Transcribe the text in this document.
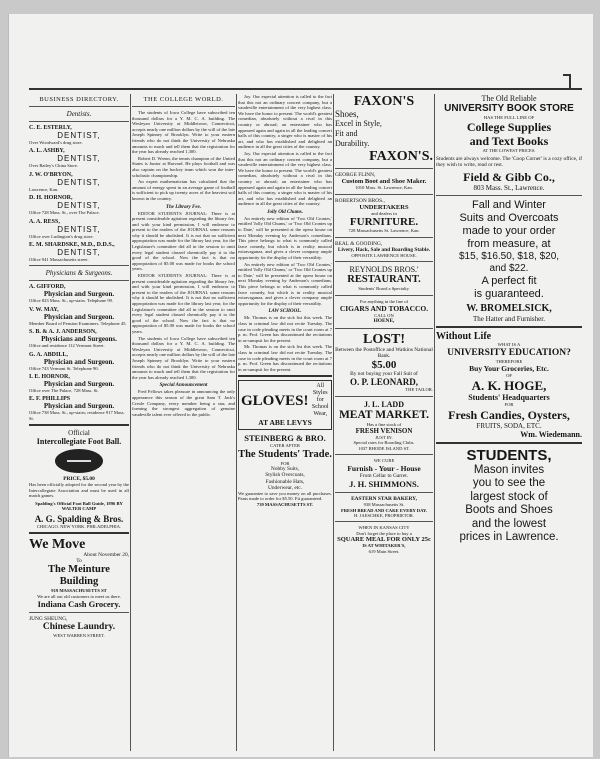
BUSINESS DIRECTORY.
Dentists.
C. E. ESTERLY,
DENTIST,
Over Woodward's drug store.
A. L. ASHBY,
DENTIST,
Over Bailey's China Store.
J. W. O'BRYON,
DENTIST,
Lawrence, Kan.
D. H. HORNOR,
DENTIST,
Office 728 Mass. St., over The Palace.
A. A. RESS,
DENTIST,
Office over Ludington's drug store.
E. M. SHARDSKE, M.D., D.D.S.,
DENTIST,
Office 941 Massachusetts street.
Physicians & Surgeons.
A. GIFFORD,
Physician and Surgeon.
Office 823 Mass. St., up-stairs. Telephone 99.
V. W. MAY,
Physician and Surgeon.
Member Board of Pension Examiners. Telephone 45.
S. B. & A. J. ANDERSON,
Physicians and Surgeons.
Office and residence 112 Vermont Street.
G. A. ABDILL,
Physician and Surgeon.
Office 743 Vermont St. Telephone 90.
I. E. HORNOR,
Physician and Surgeon.
Office over The Palace, 728 Mass. St.
E. F. PHILLIPS
Physician and Surgeon.
Office 738 Mass. St., up-stairs; residence 917 Mass. St.
Official
Intercollegiate Foot Ball.
PRICE, $5.00
Has been officially adopted for the second year by the Intercollegiate Association and must be used in all match games.
Spalding's Official Foot Ball Guide, 1896 BY WALTER CAMP
A. G. Spalding & Bros.
CHICAGO. NEW YORK. PHILADELPHIA.
We Move
About November 20,
To
The Meinture Building
919 MASSACHUSETTS ST
We are all out old customers to meet us there.
Indiana Cash Grocery.
JUNG SHEUNG,
Chinese Laundry.
WEST WARREN STREET.
THE COLLEGE WORLD.

The students of Iowa College have subscribed ten thousand dollars for a Y. M. C. A. building. The Wesleyan University at Middletown, Connecticut, accepts nearly one million dollars by the will of the late Joseph Spinney of Brooklyn. Write to your eastern friends who do not think the University of Nebraska amounts to much and tell them that the registration for the year has already reached 1,300.

Robert D. Wrenn, the tennis champion of the United States is Junior at Harvard. He plays football and was also captain on the hockey team which won the inter-scholastic championship.

An expert mathematician has calculated that the amount of energy spent in an average game of football is sufficient to pick up twenty acres of the heaviest soil known in the country.

The Library Fee.

EDITOR STUDENTS JOURNAL: There is at present considerable agitation regarding the library fee, and with your kind permission, I will endeavor to present to the readers of the JOURNAL some reasons why it should be abolished. It is not that no sufficient appropriation was made for the library last year, for the Legislature's committee did all in the session to omit every legal student classed chemically pay it to the good of the school. Now the fact is that no appropriation of $5.00 was made for books the school years.

EDITOR STUDENTS JOURNAL: There is at present considerable agitation regarding the library fee, and with your kind permission, I will endeavor to present to the readers of the JOURNAL some reasons why it should be abolished. It is not that no sufficient appropriation was made for the library last year, for the Legislature's committee did all in the session to omit every legal student classed chemically pay it to the good of the school. Now the fact is that no appropriation of $5.00 was made for books the school years.

The students of Iowa College have subscribed ten thousand dollars for a Y. M. C. A. building. The Wesleyan University at Middletown, Connecticut, accepts nearly one million dollars by the will of the late Joseph Spinney of Brooklyn. Write to your eastern friends who do not think the University of Nebraska amounts to much and tell them that the registration for the year has already reached 1,300.

Special Announcement

Fred Fellows takes pleasure in announcing the only appearance this season of the great Sam T. Jack's Creole Company, every member being a star, and forming the strongest aggregation of genuine vaudeville talent ever offered to the public.

Joy. Our especial attention is called to the fact that this not an ordinary concert company, but a vaudeville entertainment of the very highest class. We have the honor to present. The world's greatest comedian, absolutely without a rival in this country or abroad; an entertainer who has appeared again and again in all the leading concert halls of this country, a singer who is master of his art, and who has established and delighted an audience in all the great cities of the country.

Joy. Our especial attention is called to the fact that this not an ordinary concert company, but a vaudeville entertainment of the very highest class. We have the honor to present. The world's greatest comedian, absolutely without a rival in this country or abroad; an entertainer who has appeared again and again in all the leading concert halls of this country, a singer who is master of his art, and who has established and delighted an audience in all the great cities of the country.

Jolly Old Chums.

An entirely new edition of 'Two Old Cronies,' entitled 'Jolly Old Chums,' or 'Two Old Cronies up to Date,' will be presented at the opera house on next Monday evening by Anderson's comedians. This piece belongs to what is commonly called farce comedy, but which is in reality musical extravaganza, and gives a clever company ample opportunity for the display of their versatility.

An entirely new edition of 'Two Old Cronies,' entitled 'Jolly Old Chums,' or 'Two Old Cronies up to Date,' will be presented at the opera house on next Monday evening by Anderson's comedians. This piece belongs to what is commonly called farce comedy, but which is in reality musical extravaganza, and gives a clever company ample opportunity for the display of their versatility.

LAW SCHOOL.

Mr. Thomas is on the sick list this week. The class in criminal law did not recite Tuesday. The case in code pleading meets in the court room at 7 p. m. Prof. Green has discontinued the recitations in as-sumpsit for the present.

Mr. Thomas is on the sick list this week. The class in criminal law did not recite Tuesday. The case in code pleading meets in the court room at 7 p. m. Prof. Green has discontinued the recitations in as-sumpsit for the present.

GLOVES!
All Styles for School Wear,
AT ABE LEVYS
STEINBERG & BRO.
CATER AFTER
The Students' Trade.
FOR
Nobby Suits,
Stylish Overcoats,
Fashionable Hats,
Underwear, etc.
We guarantee to save you money on all purchases. Pants made to order for $5.50. Fit guaranteed.
739 MASSACHUSETTS ST.
FAXON'S
Shoes,
Excel in Style,
Fit and
Durability.
FAXON'S.
GEORGE FLINN,
Custom Boot and Shoe Maker.
1010 Mass. St. Lawrence, Kan.
ROBERTSON BROS.,
UNDERTAKERS
and dealers in
FURNITURE.
728 Massachusetts St. Lawrence, Kan.
BEAL & GOODING,
Livery, Hack, Sale and Boarding Stable.
OPPOSITE LAWRENCE HOUSE.
REYNOLDS BROS.'
RESTAURANT.
Students' Board a Specialty.
For anything in the line of
CIGARS AND TOBACCO.
CALL ON
HOENE,
LOST!
Between the Postoffice and Watkins National Bank.
$5.00
By not buying your Fall Suit of
O. P. LEONARD,
THE TAILOR.
J. L. LADD
MEAT MARKET.
Has a fine stock of
FRESH VENISON
JUST IN.
Special rates for Boarding Clubs.
1037 RHODE ISLAND ST.
WE CURE
Furnish - Your - House
From Cellar to Garret.
J. H. SHIMMONS.
EASTERN STAR BAKERY,
938 Massachusetts St.
FRESH BREAD AND CAKE EVERY DAY.
H. JAESCHKE, PROPRIETOR.
WHEN IN KANSAS CITY
Don't forget the place to buy a
SQUARE MEAL FOR ONLY 25c
IS AT WHITAKER'S,
619 Main Street.
The Old Reliable
UNIVERSITY BOOK STORE
HAS THE FULL LINE OF
College Supplies
and Text Books
AT THE LOWEST PRICES.
Students are always welcome. The 'Coop Corner' is a cozy office, if they wish to write, read or rest.
Field & Gibb Co.,
803 Mass. St., Lawrence.
Fall and Winter
Suits and Overcoats
made to your order
from measure, at
$15, $16.50, $18, $20,
and $22.
A perfect fit
is guaranteed.
W. BROMELSICK,
The Hatter and Furnisher.
Without Life
WHAT IS A
UNIVERSITY EDUCATION?
THEREFORE
Buy Your Groceries, Etc.
OF
A. K. HOGE,
Students' Headquarters
FOR
Fresh Candies, Oysters,
FRUITS, SODA, ETC.
Wm. Wiedemann.
STUDENTS,
Mason invites
you to see the
largest stock of
Boots and Shoes
and the lowest
prices in Lawrence.
